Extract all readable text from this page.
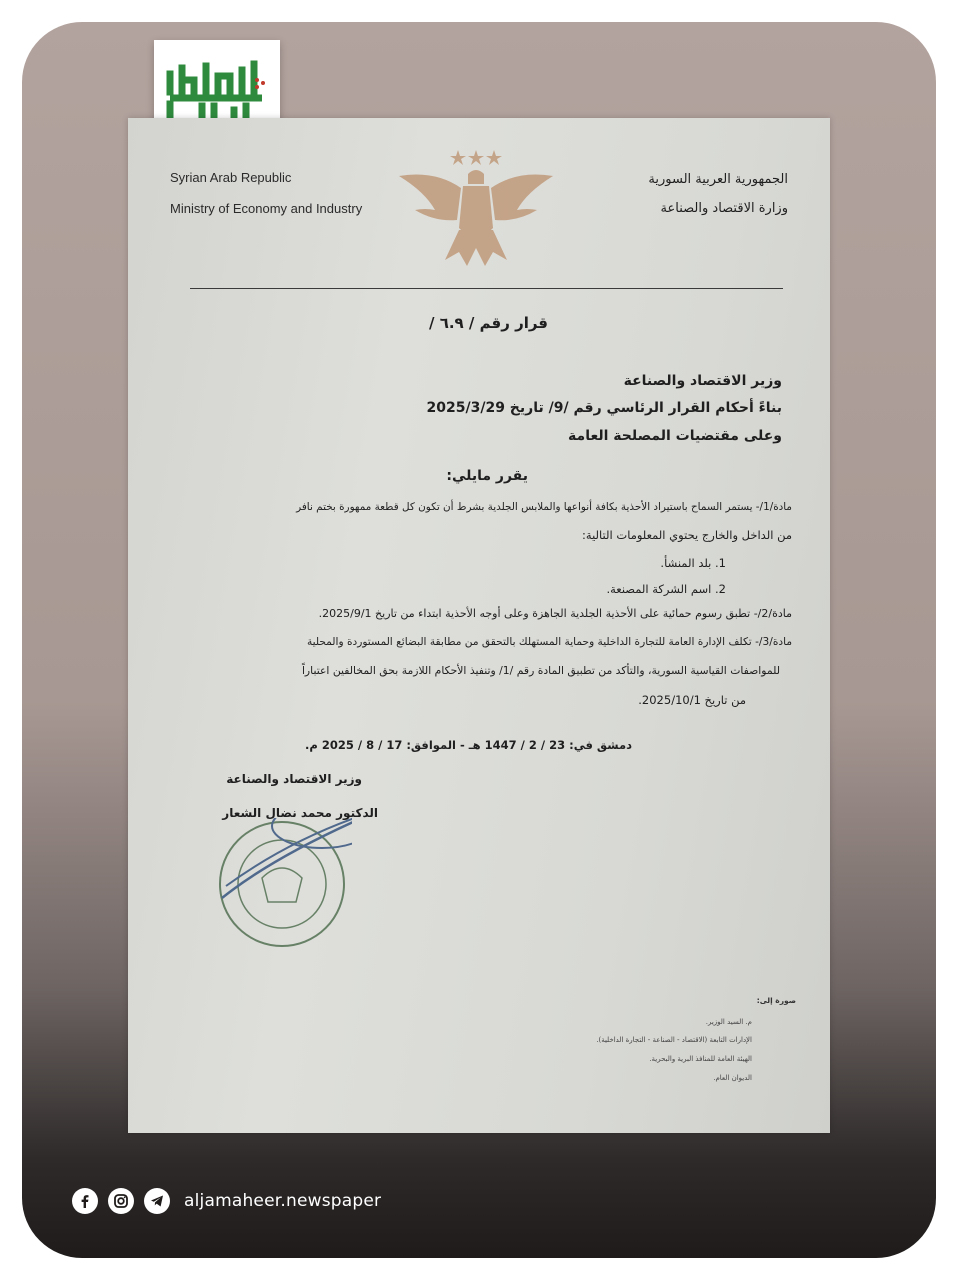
Syrian Arab Republic
Ministry of Economy and Industry
الجمهورية العربية السورية
وزارة الاقتصاد والصناعة
قرار رقم / ٦.٩ /
وزير الاقتصاد والصناعة
بناءً أحكام القرار الرئاسي رقم /9/ تاريخ 2025/3/29
وعلى مقتضيات المصلحة العامة
يقرر مايلي:
مادة/1/- يستمر السماح باستيراد الأحذية بكافة أنواعها والملابس الجلدية بشرط أن تكون كل قطعة ممهورة بختم نافر
من الداخل والخارج يحتوي المعلومات التالية:
1. بلد المنشأ.
2. اسم الشركة المصنعة.
مادة/2/- تطبق رسوم حمائية على الأحذية الجلدية الجاهزة وعلى أوجه الأحذية ابتداء من تاريخ 2025/9/1.
مادة/3/- تكلف الإدارة العامة للتجارة الداخلية وحماية المستهلك بالتحقق من مطابقة البضائع المستوردة والمحلية
للمواصفات القياسية السورية، والتأكد من تطبيق المادة رقم /1/ وتنفيذ الأحكام اللازمة بحق المخالفين اعتباراً
من تاريخ 2025/10/1.
دمشق في: 23 / 2 / 1447 هـ - الموافق: 17 / 8 / 2025 م.
وزير الاقتصاد والصناعة
الدكتور محمد نضال الشعار
الجمهورية العربية السورية - وزارة الاقتصاد والصناعة
صورة إلى:
م. السيد الوزير.
الإدارات التابعة (الاقتصاد - الصناعة - التجارة الداخلية).
الهيئة العامة للمنافذ البرية والبحرية.
الديوان العام.
aljamaheer.newspaper
